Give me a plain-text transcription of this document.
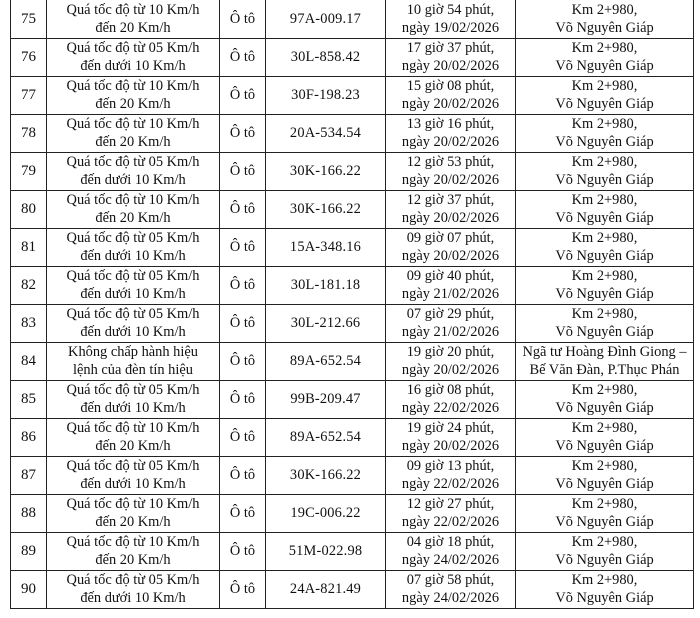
75	Quá tốc độ từ 10 Km/h
đến 20 Km/h	Ô tô	97A-009.17	10 giờ 54 phút,
ngày 19/02/2026	Km 2+980,
Võ Nguyên Giáp

76	Quá tốc độ từ 05 Km/h
đến dưới 10 Km/h	Ô tô	30L-858.42	17 giờ 37 phút,
ngày 20/02/2026	Km 2+980,
Võ Nguyên Giáp

77	Quá tốc độ từ 10 Km/h
đến 20 Km/h	Ô tô	30F-198.23	15 giờ 08 phút,
ngày 20/02/2026	Km 2+980,
Võ Nguyên Giáp

78	Quá tốc độ từ 10 Km/h
đến 20 Km/h	Ô tô	20A-534.54	13 giờ 16 phút,
ngày 20/02/2026	Km 2+980,
Võ Nguyên Giáp

79	Quá tốc độ từ 05 Km/h
đến dưới 10 Km/h	Ô tô	30K-166.22	12 giờ 53 phút,
ngày 20/02/2026	Km 2+980,
Võ Nguyên Giáp

80	Quá tốc độ từ 10 Km/h
đến 20 Km/h	Ô tô	30K-166.22	12 giờ 37 phút,
ngày 20/02/2026	Km 2+980,
Võ Nguyên Giáp

81	Quá tốc độ từ 05 Km/h
đến dưới 10 Km/h	Ô tô	15A-348.16	09 giờ 07 phút,
ngày 20/02/2026	Km 2+980,
Võ Nguyên Giáp

82	Quá tốc độ từ 05 Km/h
đến dưới 10 Km/h	Ô tô	30L-181.18	09 giờ 40 phút,
ngày 21/02/2026	Km 2+980,
Võ Nguyên Giáp

83	Quá tốc độ từ 05 Km/h
đến dưới 10 Km/h	Ô tô	30L-212.66	07 giờ 29 phút,
ngày 21/02/2026	Km 2+980,
Võ Nguyên Giáp

84	Không chấp hành hiệu
lệnh của đèn tín hiệu	Ô tô	89A-652.54	19 giờ 20 phút,
ngày 20/02/2026	Ngã tư Hoàng Đình Giong –
Bế Văn Đàn, P.Thục Phán

85	Quá tốc độ từ 05 Km/h
đến dưới 10 Km/h	Ô tô	99B-209.47	16 giờ 08 phút,
ngày 22/02/2026	Km 2+980,
Võ Nguyên Giáp

86	Quá tốc độ từ 10 Km/h
đến 20 Km/h	Ô tô	89A-652.54	19 giờ 24 phút,
ngày 20/02/2026	Km 2+980,
Võ Nguyên Giáp

87	Quá tốc độ từ 05 Km/h
đến dưới 10 Km/h	Ô tô	30K-166.22	09 giờ 13 phút,
ngày 22/02/2026	Km 2+980,
Võ Nguyên Giáp

88	Quá tốc độ từ 10 Km/h
đến 20 Km/h	Ô tô	19C-006.22	12 giờ 27 phút,
ngày 22/02/2026	Km 2+980,
Võ Nguyên Giáp

89	Quá tốc độ từ 10 Km/h
đến 20 Km/h	Ô tô	51M-022.98	04 giờ 18 phút,
ngày 24/02/2026	Km 2+980,
Võ Nguyên Giáp

90	Quá tốc độ từ 05 Km/h
đến dưới 10 Km/h	Ô tô	24A-821.49	07 giờ 58 phút,
ngày 24/02/2026	Km 2+980,
Võ Nguyên Giáp
